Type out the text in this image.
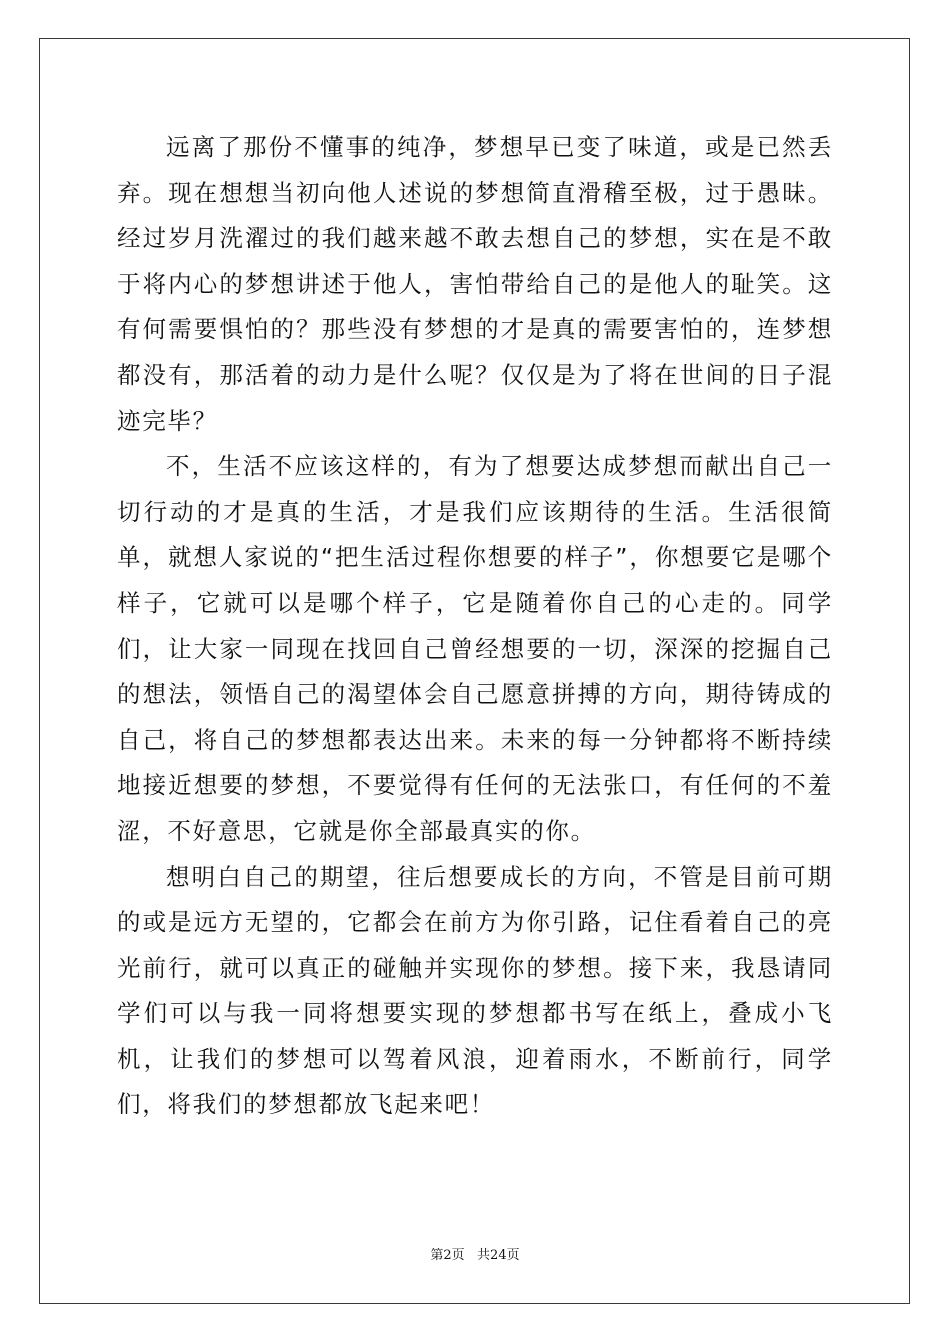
远离了那份不懂事的纯净，梦想早已变了味道，或是已然丢弃。现在想想当初向他人述说的梦想简直滑稽至极，过于愚昧。经过岁月洗濯过的我们越来越不敢去想自己的梦想，实在是不敢于将内心的梦想讲述于他人，害怕带给自己的是他人的耻笑。这有何需要惧怕的？那些没有梦想的才是真的需要害怕的，连梦想都没有，那活着的动力是什么呢？仅仅是为了将在世间的日子混迹完毕？

不，生活不应该这样的，有为了想要达成梦想而献出自己一切行动的才是真的生活，才是我们应该期待的生活。生活很简单，就想人家说的“把生活过程你想要的样子”，你想要它是哪个样子，它就可以是哪个样子，它是随着你自己的心走的。同学们，让大家一同现在找回自己曾经想要的一切，深深的挖掘自己的想法，领悟自己的渴望体会自己愿意拼搏的方向，期待铸成的自己，将自己的梦想都表达出来。未来的每一分钟都将不断持续地接近想要的梦想，不要觉得有任何的无法张口，有任何的不羞涩，不好意思，它就是你全部最真实的你。

想明白自己的期望，往后想要成长的方向，不管是目前可期的或是远方无望的，它都会在前方为你引路，记住看着自己的亮光前行，就可以真正的碰触并实现你的梦想。接下来，我恳请同学们可以与我一同将想要实现的梦想都书写在纸上，叠成小飞机，让我们的梦想可以驾着风浪，迎着雨水，不断前行，同学们，将我们的梦想都放飞起来吧！

第2页   共24页
